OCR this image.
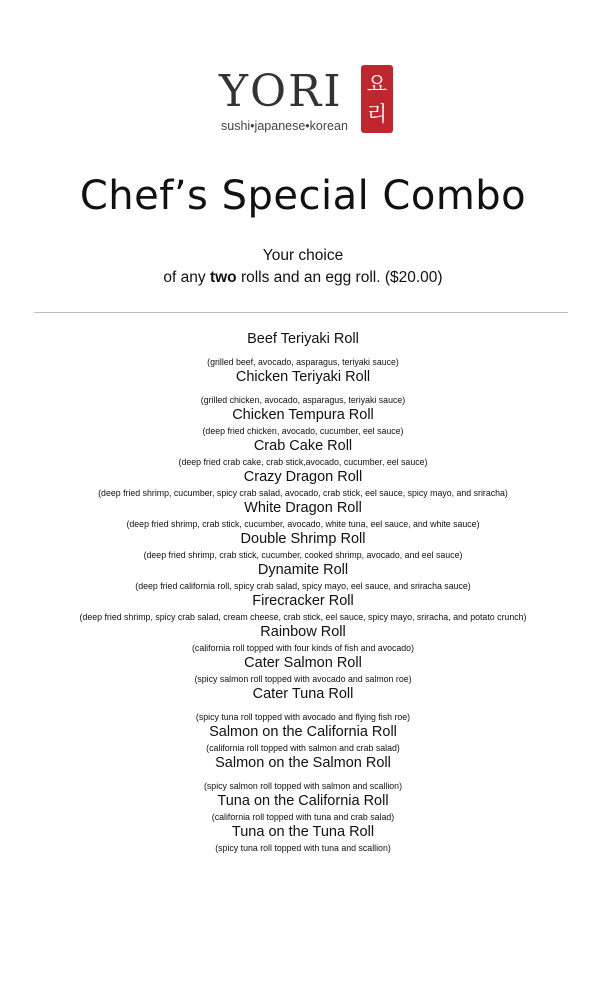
YORI 요
리
sushi•japanese•korean
Chef’s Special Combo
Your choice
of any two rolls and an egg roll. ($20.00)
Beef Teriyaki Roll
(grilled beef, avocado, asparagus, teriyaki sauce)
Chicken Teriyaki Roll
(grilled chicken, avocado, asparagus, teriyaki sauce)
Chicken Tempura Roll
(deep fried chicken, avocado, cucumber, eel sauce)
Crab Cake Roll
(deep fried crab cake, crab stick,avocado, cucumber, eel sauce)
Crazy Dragon Roll
(deep fried shrimp, cucumber, spicy crab salad, avocado, crab stick, eel sauce, spicy mayo, and sriracha)
White Dragon Roll
(deep fried shrimp, crab stick, cucumber, avocado, white tuna, eel sauce, and white sauce)
Double Shrimp Roll
(deep fried shrimp, crab stick, cucumber, cooked shrimp, avocado, and eel sauce)
Dynamite Roll
(deep fried california roll, spicy crab salad, spicy mayo, eel sauce, and sriracha sauce)
Firecracker Roll
(deep fried shrimp, spicy crab salad, cream cheese, crab stick, eel sauce, spicy mayo, sriracha, and potato crunch)
Rainbow Roll
(california roll topped with four kinds of fish and avocado)
Cater Salmon Roll
(spicy salmon roll topped with avocado and salmon roe)
Cater Tuna Roll
(spicy tuna roll topped with avocado and flying fish roe)
Salmon on the California Roll
(california roll topped with salmon and crab salad)
Salmon on the Salmon Roll
(spicy salmon roll topped with salmon and scallion)
Tuna on the California Roll
(california roll topped with tuna and crab salad)
Tuna on the Tuna Roll
(spicy tuna roll topped with tuna and scallion)
